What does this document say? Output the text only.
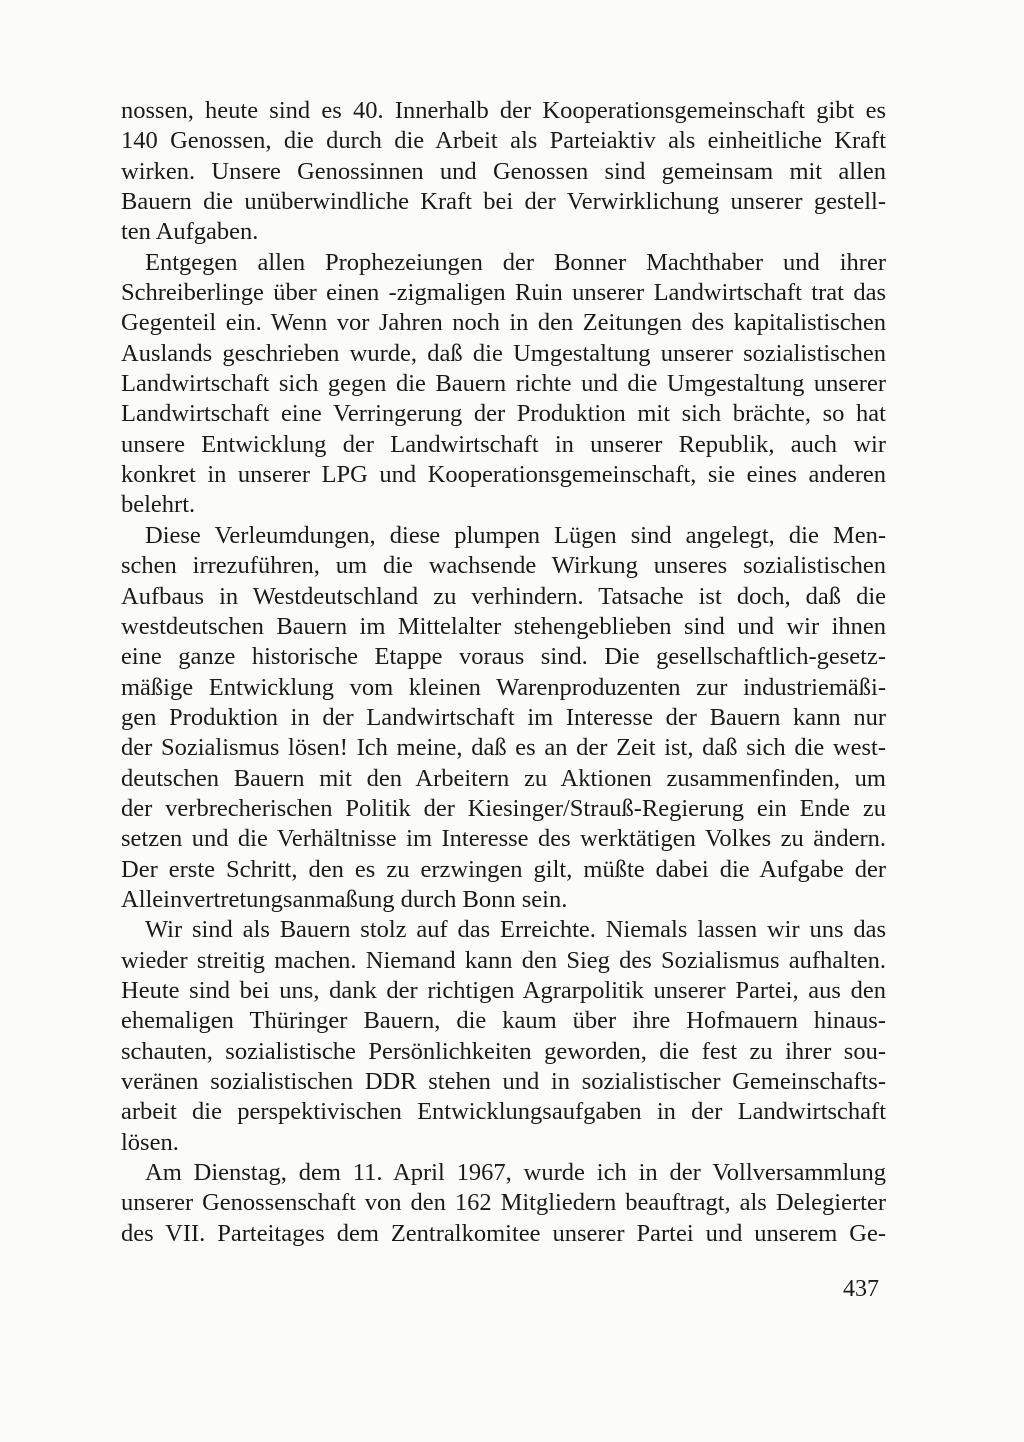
nossen, heute sind es 40. Innerhalb der Kooperationsgemeinschaft gibt es
140 Genossen, die durch die Arbeit als Parteiaktiv als einheitliche Kraft
wirken. Unsere Genossinnen und Genossen sind gemeinsam mit allen
Bauern die unüberwindliche Kraft bei der Verwirklichung unserer gestell-
ten Aufgaben.
Entgegen allen Prophezeiungen der Bonner Machthaber und ihrer
Schreiberlinge über einen -zigmaligen Ruin unserer Landwirtschaft trat das
Gegenteil ein. Wenn vor Jahren noch in den Zeitungen des kapitalistischen
Auslands geschrieben wurde, daß die Umgestaltung unserer sozialistischen
Landwirtschaft sich gegen die Bauern richte und die Umgestaltung unserer
Landwirtschaft eine Verringerung der Produktion mit sich brächte, so hat
unsere Entwicklung der Landwirtschaft in unserer Republik, auch wir
konkret in unserer LPG und Kooperationsgemeinschaft, sie eines anderen
belehrt.
Diese Verleumdungen, diese plumpen Lügen sind angelegt, die Men-
schen irrezuführen, um die wachsende Wirkung unseres sozialistischen
Aufbaus in Westdeutschland zu verhindern. Tatsache ist doch, daß die
westdeutschen Bauern im Mittelalter stehengeblieben sind und wir ihnen
eine ganze historische Etappe voraus sind. Die gesellschaftlich-gesetz-
mäßige Entwicklung vom kleinen Warenproduzenten zur industriemäßi-
gen Produktion in der Landwirtschaft im Interesse der Bauern kann nur
der Sozialismus lösen! Ich meine, daß es an der Zeit ist, daß sich die west-
deutschen Bauern mit den Arbeitern zu Aktionen zusammenfinden, um
der verbrecherischen Politik der Kiesinger/Strauß-Regierung ein Ende zu
setzen und die Verhältnisse im Interesse des werktätigen Volkes zu ändern.
Der erste Schritt, den es zu erzwingen gilt, müßte dabei die Aufgabe der
Alleinvertretungsanmaßung durch Bonn sein.
Wir sind als Bauern stolz auf das Erreichte. Niemals lassen wir uns das
wieder streitig machen. Niemand kann den Sieg des Sozialismus aufhalten.
Heute sind bei uns, dank der richtigen Agrarpolitik unserer Partei, aus den
ehemaligen Thüringer Bauern, die kaum über ihre Hofmauern hinaus-
schauten, sozialistische Persönlichkeiten geworden, die fest zu ihrer sou-
veränen sozialistischen DDR stehen und in sozialistischer Gemeinschafts-
arbeit die perspektivischen Entwicklungsaufgaben in der Landwirtschaft
lösen.
Am Dienstag, dem 11. April 1967, wurde ich in der Vollversammlung
unserer Genossenschaft von den 162 Mitgliedern beauftragt, als Delegierter
des VII. Parteitages dem Zentralkomitee unserer Partei und unserem Ge-
437
